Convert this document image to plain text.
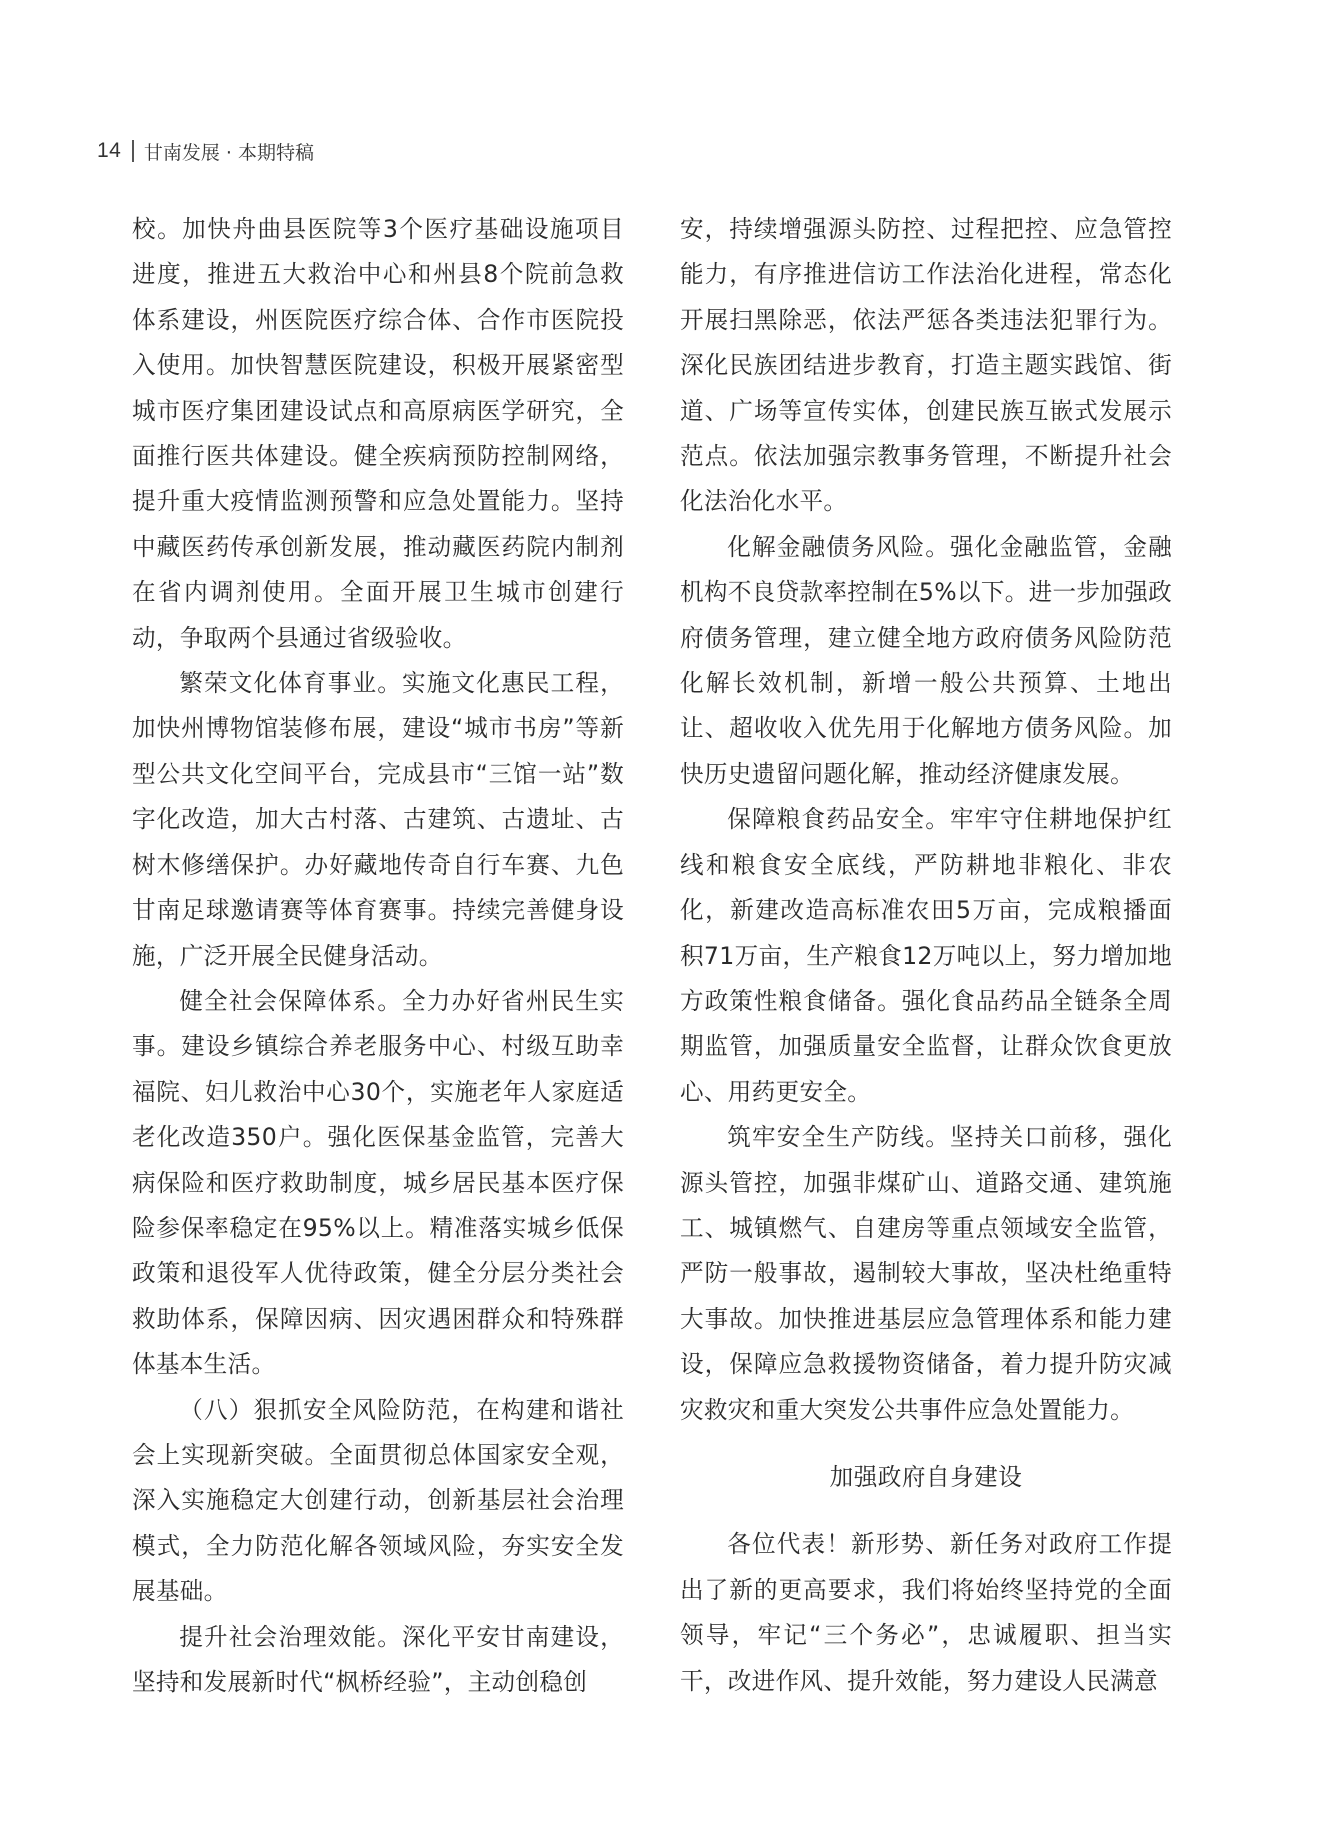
14 甘南发展 · 本期特稿

校。加快舟曲县医院等3个医疗基础设施项目进度，推进五大救治中心和州县8个院前急救体系建设，州医院医疗综合体、合作市医院投入使用。加快智慧医院建设，积极开展紧密型城市医疗集团建设试点和高原病医学研究，全面推行医共体建设。健全疾病预防控制网络，提升重大疫情监测预警和应急处置能力。坚持中藏医药传承创新发展，推动藏医药院内制剂在省内调剂使用。全面开展卫生城市创建行动，争取两个县通过省级验收。

繁荣文化体育事业。实施文化惠民工程，加快州博物馆装修布展，建设“城市书房”等新型公共文化空间平台，完成县市“三馆一站”数字化改造，加大古村落、古建筑、古遗址、古树木修缮保护。办好藏地传奇自行车赛、九色甘南足球邀请赛等体育赛事。持续完善健身设施，广泛开展全民健身活动。

健全社会保障体系。全力办好省州民生实事。建设乡镇综合养老服务中心、村级互助幸福院、妇儿救治中心30个，实施老年人家庭适老化改造350户。强化医保基金监管，完善大病保险和医疗救助制度，城乡居民基本医疗保险参保率稳定在95%以上。精准落实城乡低保政策和退役军人优待政策，健全分层分类社会救助体系，保障因病、因灾遇困群众和特殊群体基本生活。

（八）狠抓安全风险防范，在构建和谐社会上实现新突破。全面贯彻总体国家安全观，深入实施稳定大创建行动，创新基层社会治理模式，全力防范化解各领域风险，夯实安全发展基础。

提升社会治理效能。深化平安甘南建设，坚持和发展新时代“枫桥经验”，主动创稳创

安，持续增强源头防控、过程把控、应急管控能力，有序推进信访工作法治化进程，常态化开展扫黑除恶，依法严惩各类违法犯罪行为。深化民族团结进步教育，打造主题实践馆、街道、广场等宣传实体，创建民族互嵌式发展示范点。依法加强宗教事务管理，不断提升社会化法治化水平。

化解金融债务风险。强化金融监管，金融机构不良贷款率控制在5%以下。进一步加强政府债务管理，建立健全地方政府债务风险防范化解长效机制，新增一般公共预算、土地出让、超收收入优先用于化解地方债务风险。加快历史遗留问题化解，推动经济健康发展。

保障粮食药品安全。牢牢守住耕地保护红线和粮食安全底线，严防耕地非粮化、非农化，新建改造高标准农田5万亩，完成粮播面积71万亩，生产粮食12万吨以上，努力增加地方政策性粮食储备。强化食品药品全链条全周期监管，加强质量安全监督，让群众饮食更放心、用药更安全。

筑牢安全生产防线。坚持关口前移，强化源头管控，加强非煤矿山、道路交通、建筑施工、城镇燃气、自建房等重点领域安全监管，严防一般事故，遏制较大事故，坚决杜绝重特大事故。加快推进基层应急管理体系和能力建设，保障应急救援物资储备，着力提升防灾减灾救灾和重大突发公共事件应急处置能力。

加强政府自身建设

各位代表！新形势、新任务对政府工作提出了新的更高要求，我们将始终坚持党的全面领导，牢记“三个务必”，忠诚履职、担当实干，改进作风、提升效能，努力建设人民满意
